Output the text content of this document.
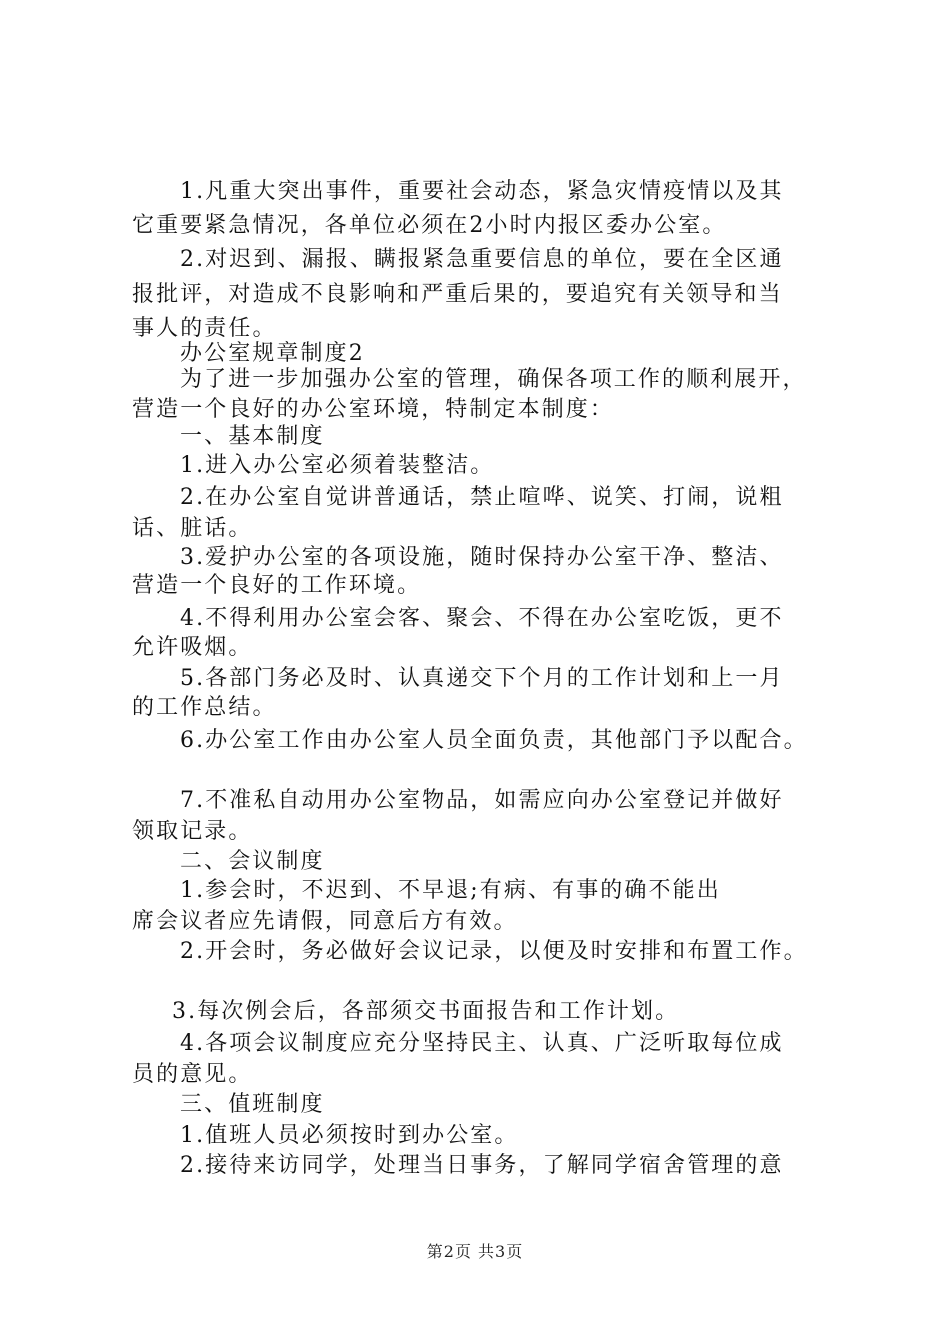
1.凡重大突出事件，重要社会动态，紧急灾情疫情以及其
它重要紧急情况，各单位必须在2小时内报区委办公室。
2.对迟到、漏报、瞒报紧急重要信息的单位，要在全区通
报批评，对造成不良影响和严重后果的，要追究有关领导和当
事人的责任。
办公室规章制度2
为了进一步加强办公室的管理，确保各项工作的顺利展开，
营造一个良好的办公室环境，特制定本制度：
一、基本制度
1.进入办公室必须着装整洁。
2.在办公室自觉讲普通话，禁止喧哗、说笑、打闹，说粗
话、脏话。
3.爱护办公室的各项设施，随时保持办公室干净、整洁、
营造一个良好的工作环境。
4.不得利用办公室会客、聚会、不得在办公室吃饭，更不
允许吸烟。
5.各部门务必及时、认真递交下个月的工作计划和上一月
的工作总结。
6.办公室工作由办公室人员全面负责，其他部门予以配合。
7.不准私自动用办公室物品，如需应向办公室登记并做好
领取记录。
二、会议制度
1.参会时，不迟到、不早退;有病、有事的确不能出
席会议者应先请假，同意后方有效。
2.开会时，务必做好会议记录，以便及时安排和布置工作。
3.每次例会后，各部须交书面报告和工作计划。
4.各项会议制度应充分坚持民主、认真、广泛听取每位成
员的意见。
三、值班制度
1.值班人员必须按时到办公室。
2.接待来访同学，处理当日事务，了解同学宿舍管理的意
第2页 共3页
